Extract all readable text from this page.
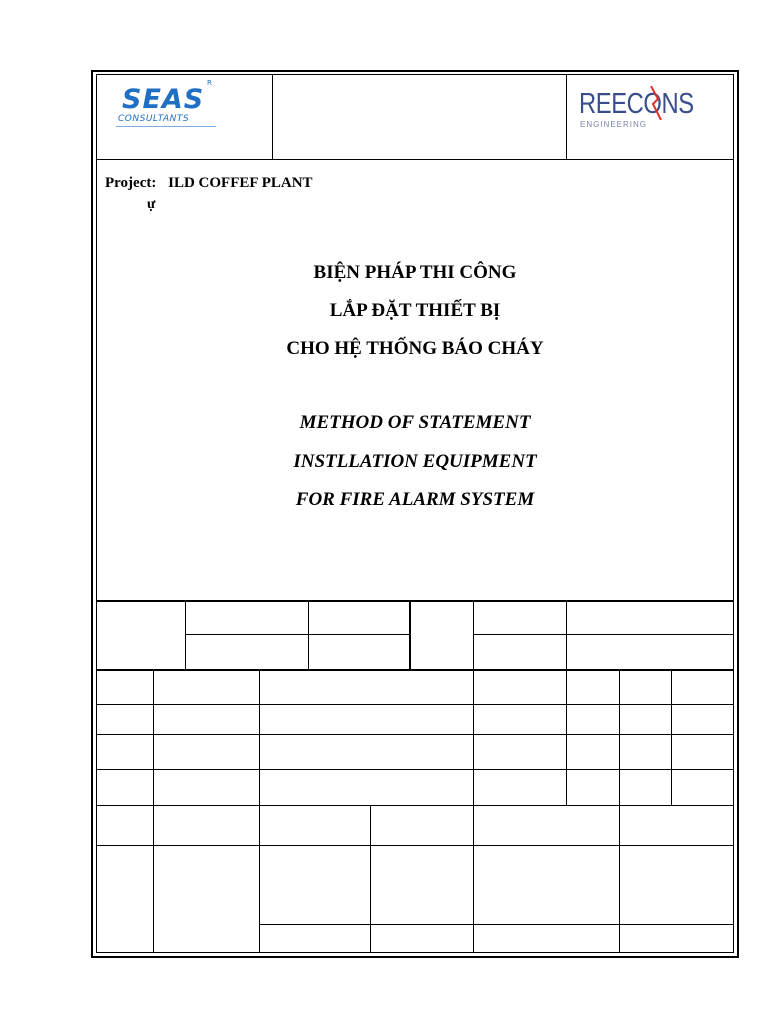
SEAS
R
CONSULTANTS	REECONS
ENGINEERING
Project: ILD COFFEF PLANT
ự
BIỆN PHÁP THI CÔNG
LẮP ĐẶT THIẾT BỊ
CHO HỆ THỐNG BÁO CHÁY
METHOD OF STATEMENT
INSTLLATION EQUIPMENT
FOR FIRE ALARM SYSTEM
